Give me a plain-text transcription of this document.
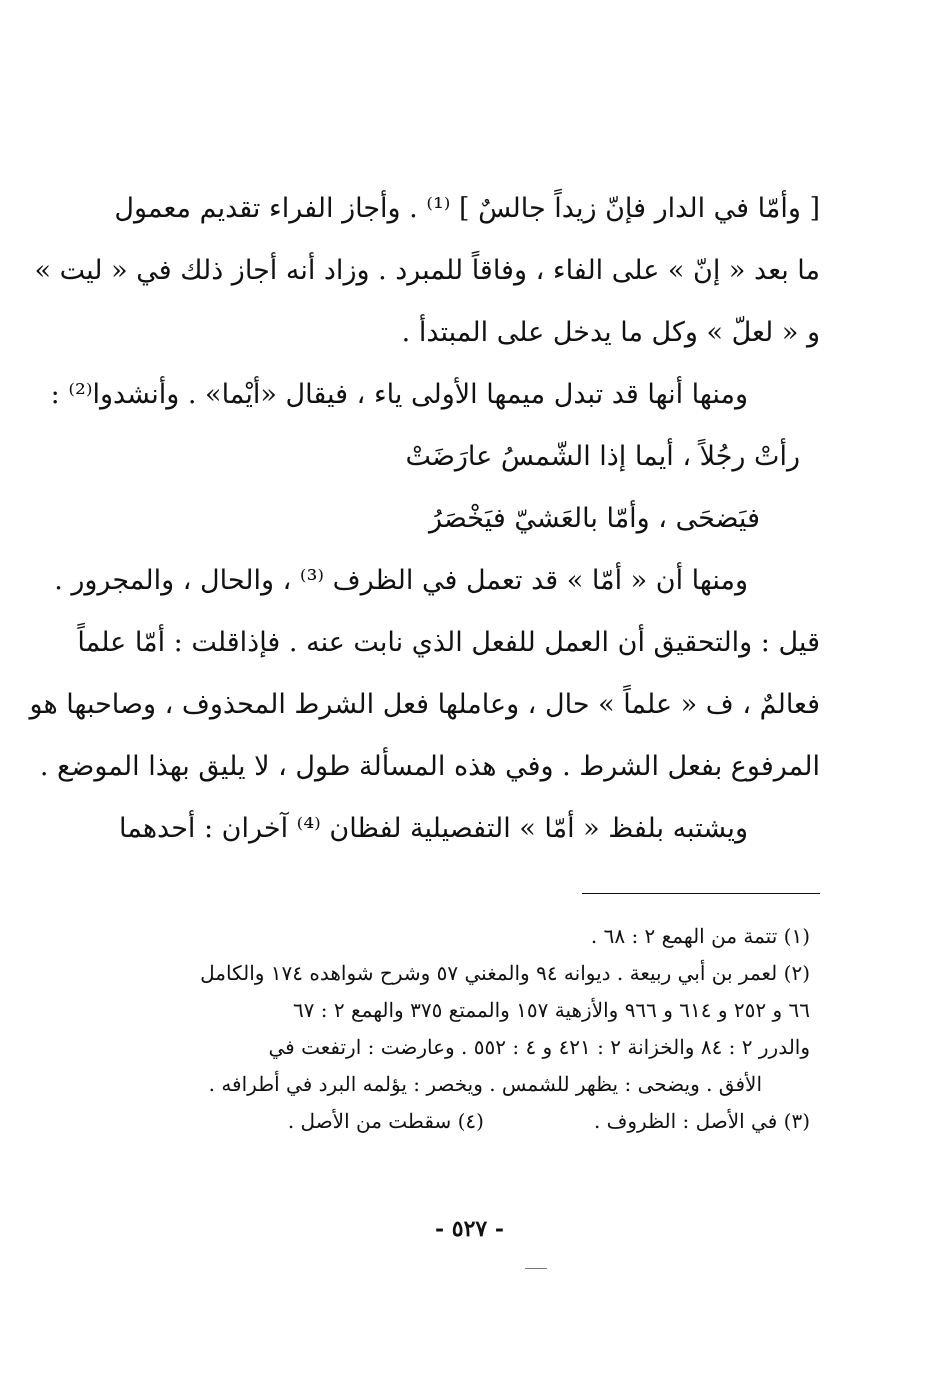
[ وأمّا في الدار فإنّ زيداً جالسٌ ] ⁽¹⁾ . وأجاز الفراء تقديم معمول
ما بعد « إنّ » على الفاء ، وفاقاً للمبرد . وزاد أنه أجاز ذلك في « ليت »
و « لعلّ » وكل ما يدخل على المبتدأ .
ومنها أنها قد تبدل ميمها الأولى ياء ، فيقال «أيْما» . وأنشدوا⁽²⁾ :
رأتْ رجُلاً ، أيما إذا الشّمسُ عارَضَتْ
فيَضحَى ، وأمّا بالعَشيّ فيَخْصَرُ
ومنها أن « أمّا » قد تعمل في الظرف ⁽³⁾ ، والحال ، والمجرور .
قيل : والتحقيق أن العمل للفعل الذي نابت عنه . فإذاقلت : أمّا علماً
فعالمٌ ، ف « علماً » حال ، وعاملها فعل الشرط المحذوف ، وصاحبها هو
المرفوع بفعل الشرط . وفي هذه المسألة طول ، لا يليق بهذا الموضع .
ويشتبه بلفظ « أمّا » التفصيلية لفظان ⁽⁴⁾ آخران : أحدهما
(١) تتمة من الهمع ٢ : ٦٨ .
(٢) لعمر بن أبي ربيعة . ديوانه ٩٤ والمغني ٥٧ وشرح شواهده ١٧٤ والكامل
٦٦ و ٢٥٢ و ٦١٤ و ٩٦٦ والأزهية ١٥٧ والممتع ٣٧٥ والهمع ٢ : ٦٧
والدرر ٢ : ٨٤ والخزانة ٢ : ٤٢١ و ٤ : ٥٥٢ . وعارضت : ارتفعت في
الأفق . ويضحى : يظهر للشمس . ويخصر : يؤلمه البرد في أطرافه .
(٣) في الأصل : الظروف .(٤) سقطت من الأصل .
- ٥٢٧ -
